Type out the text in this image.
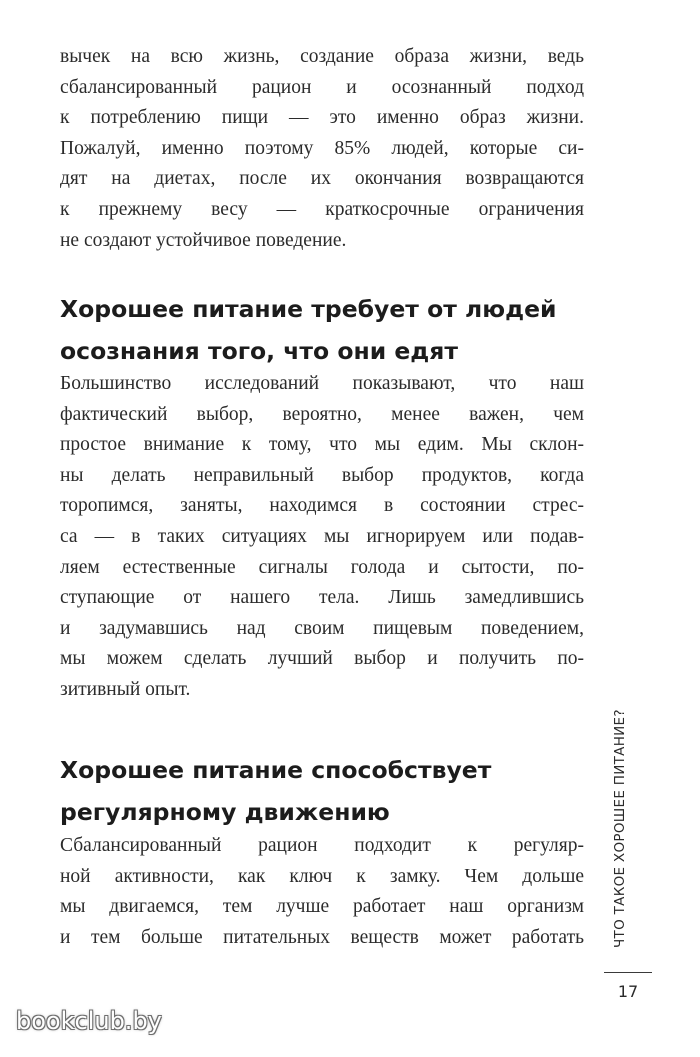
вычек на всю жизнь, создание образа жизни, ведь
сбалансированный рацион и осознанный подход
к потреблению пищи — это именно образ жизни.
Пожалуй, именно поэтому 85% людей, которые си-
дят на диетах, после их окончания возвращаются
к прежнему весу — краткосрочные ограничения
не создают устойчивое поведение.

Хорошее питание требует от людей
осознания того, что они едят

Большинство исследований показывают, что наш
фактический выбор, вероятно, менее важен, чем
простое внимание к тому, что мы едим. Мы склон-
ны делать неправильный выбор продуктов, когда
торопимся, заняты, находимся в состоянии стрес-
са — в таких ситуациях мы игнорируем или подав-
ляем естественные сигналы голода и сытости, по-
ступающие от нашего тела. Лишь замедлившись
и задумавшись над своим пищевым поведением,
мы можем сделать лучший выбор и получить по-
зитивный опыт.

Хорошее питание способствует
регулярному движению

Сбалансированный рацион подходит к регуляр-
ной активности, как ключ к замку. Чем дольше
мы двигаемся, тем лучше работает наш организм
и тем больше питательных веществ может работать ЧТО ТАКОЕ ХОРОШЕЕ ПИТАНИЕ?
17
bookclub.by
